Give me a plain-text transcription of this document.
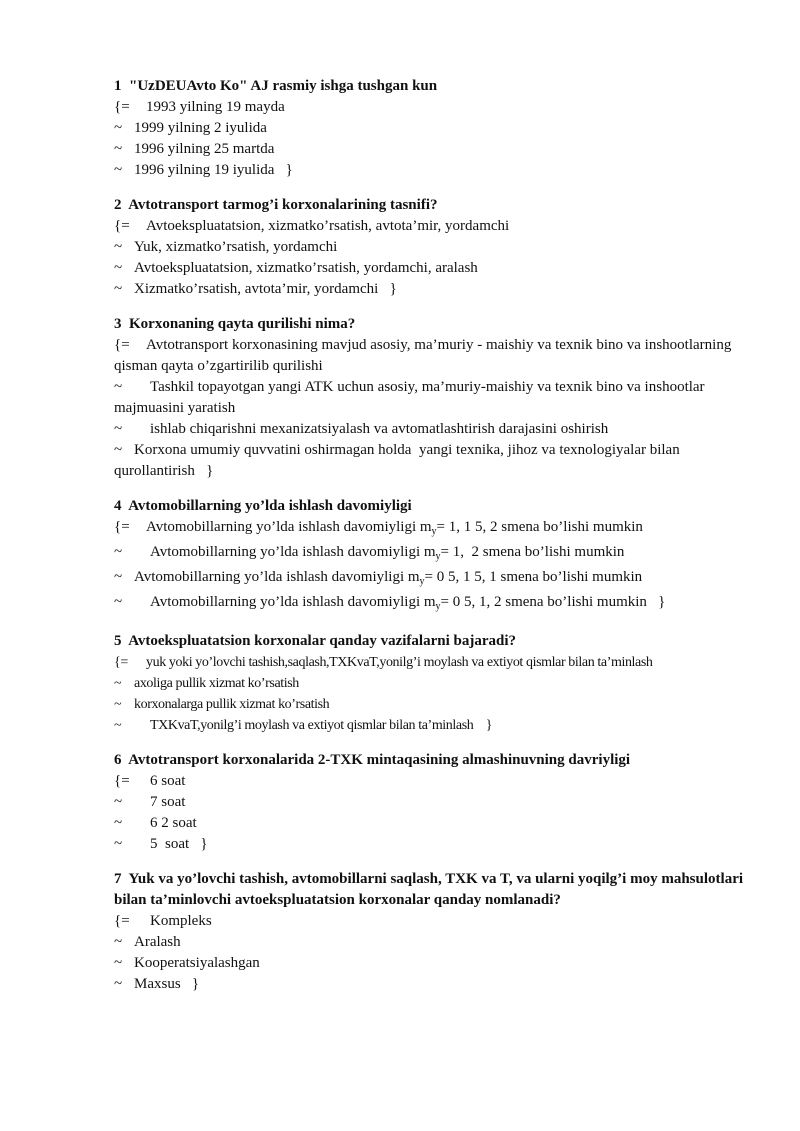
1 "UzDEUAvto Ko" AJ rasmiy ishga tushgan kun
{= 1993 yilning 19 mayda
~ 1999 yilning 2 iyulida
~ 1996 yilning 25 martda
~ 1996 yilning 19 iyulida }
2 Avtotransport tarmog’i korxonalarining tasnifi?
{= Avtoekspluatatsion, xizmatko’rsatish, avtota’mir, yordamchi
~ Yuk, xizmatko’rsatish, yordamchi
~ Avtoekspluatatsion, xizmatko’rsatish, yordamchi, aralash
~ Xizmatko’rsatish, avtota’mir, yordamchi }
3 Korxonaning qayta qurilishi nima?
{= Avtotransport korxonasining mavjud asosiy, ma’muriy - maishiy va texnik bino va inshootlarning  qisman qayta o’zgartirilib qurilishi
~ Tashkil topayotgan yangi ATK uchun asosiy, ma’muriy-maishiy va texnik bino va inshootlar majmuasini yaratish
~ ishlab chiqarishni mexanizatsiyalash va avtomatlashtirish darajasini oshirish
~ Korxona umumiy quvvatini oshirmagan holda  yangi texnika, jihoz va texnologiyalar bilan qurollantirish }
4 Avtomobillarning yo’lda ishlash davomiyligi
{= Avtomobillarning yo’lda ishlash davomiyligi $m_y= 1$, 1 5, 2 smena bo’lishi mumkin
~ Avtomobillarning yo’lda ishlash davomiyligi $m_y= 1$,  2 smena bo’lishi mumkin
~ Avtomobillarning yo’lda ishlash davomiyligi $m_y= 0$ 5, 1 5, 1 smena bo’lishi mumkin
~ Avtomobillarning yo’lda ishlash davomiyligi $m_y= 0$ 5, 1, 2 smena bo’lishi mumkin }
5 Avtoekspluatatsion korxonalar qanday vazifalarni bajaradi?
{= yuk yoki yo’lovchi tashish,saqlash,TXKvaT,yonilg’i moylash va extiyot qismlar bilan ta’minlash
~ axoliga pullik xizmat ko’rsatish
~ korxonalarga pullik xizmat ko’rsatish
~ TXKvaT,yonilg’i moylash va extiyot qismlar bilan ta’minlash }
6 Avtotransport korxonalarida 2-TXK mintaqasining almashinuvning davriyligi
{= 6 soat
~ 7 soat
~ 6 2 soat
~ 5  soat }
7 Yuk va yo’lovchi tashish, avtomobillarni saqlash, TXK va T, va ularni yoqilg’i moy mahsulotlari bilan ta’minlovchi avtoekspluatatsion korxonalar qanday nomlanadi?
{= Kompleks
~ Aralash
~ Kooperatsiyalashgan
~ Maxsus }
